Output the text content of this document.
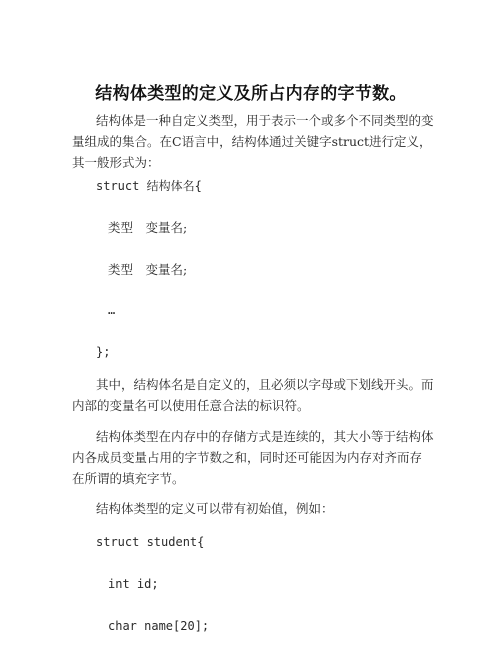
结构体类型的定义及所占内存的字节数。

结构体是一种自定义类型，用于表示一个或多个不同类型的变量组成的集合。在C语言中，结构体通过关键字struct进行定义，其一般形式为：

struct 结构体名{
类型　变量名;
类型　变量名;
…
};

其中，结构体名是自定义的，且必须以字母或下划线开头。而内部的变量名可以使用任意合法的标识符。

结构体类型在内存中的存储方式是连续的，其大小等于结构体内各成员变量占用的字节数之和，同时还可能因为内存对齐而存在所谓的填充字节。

结构体类型的定义可以带有初始值，例如：

struct student{
int id;
char name[20];
